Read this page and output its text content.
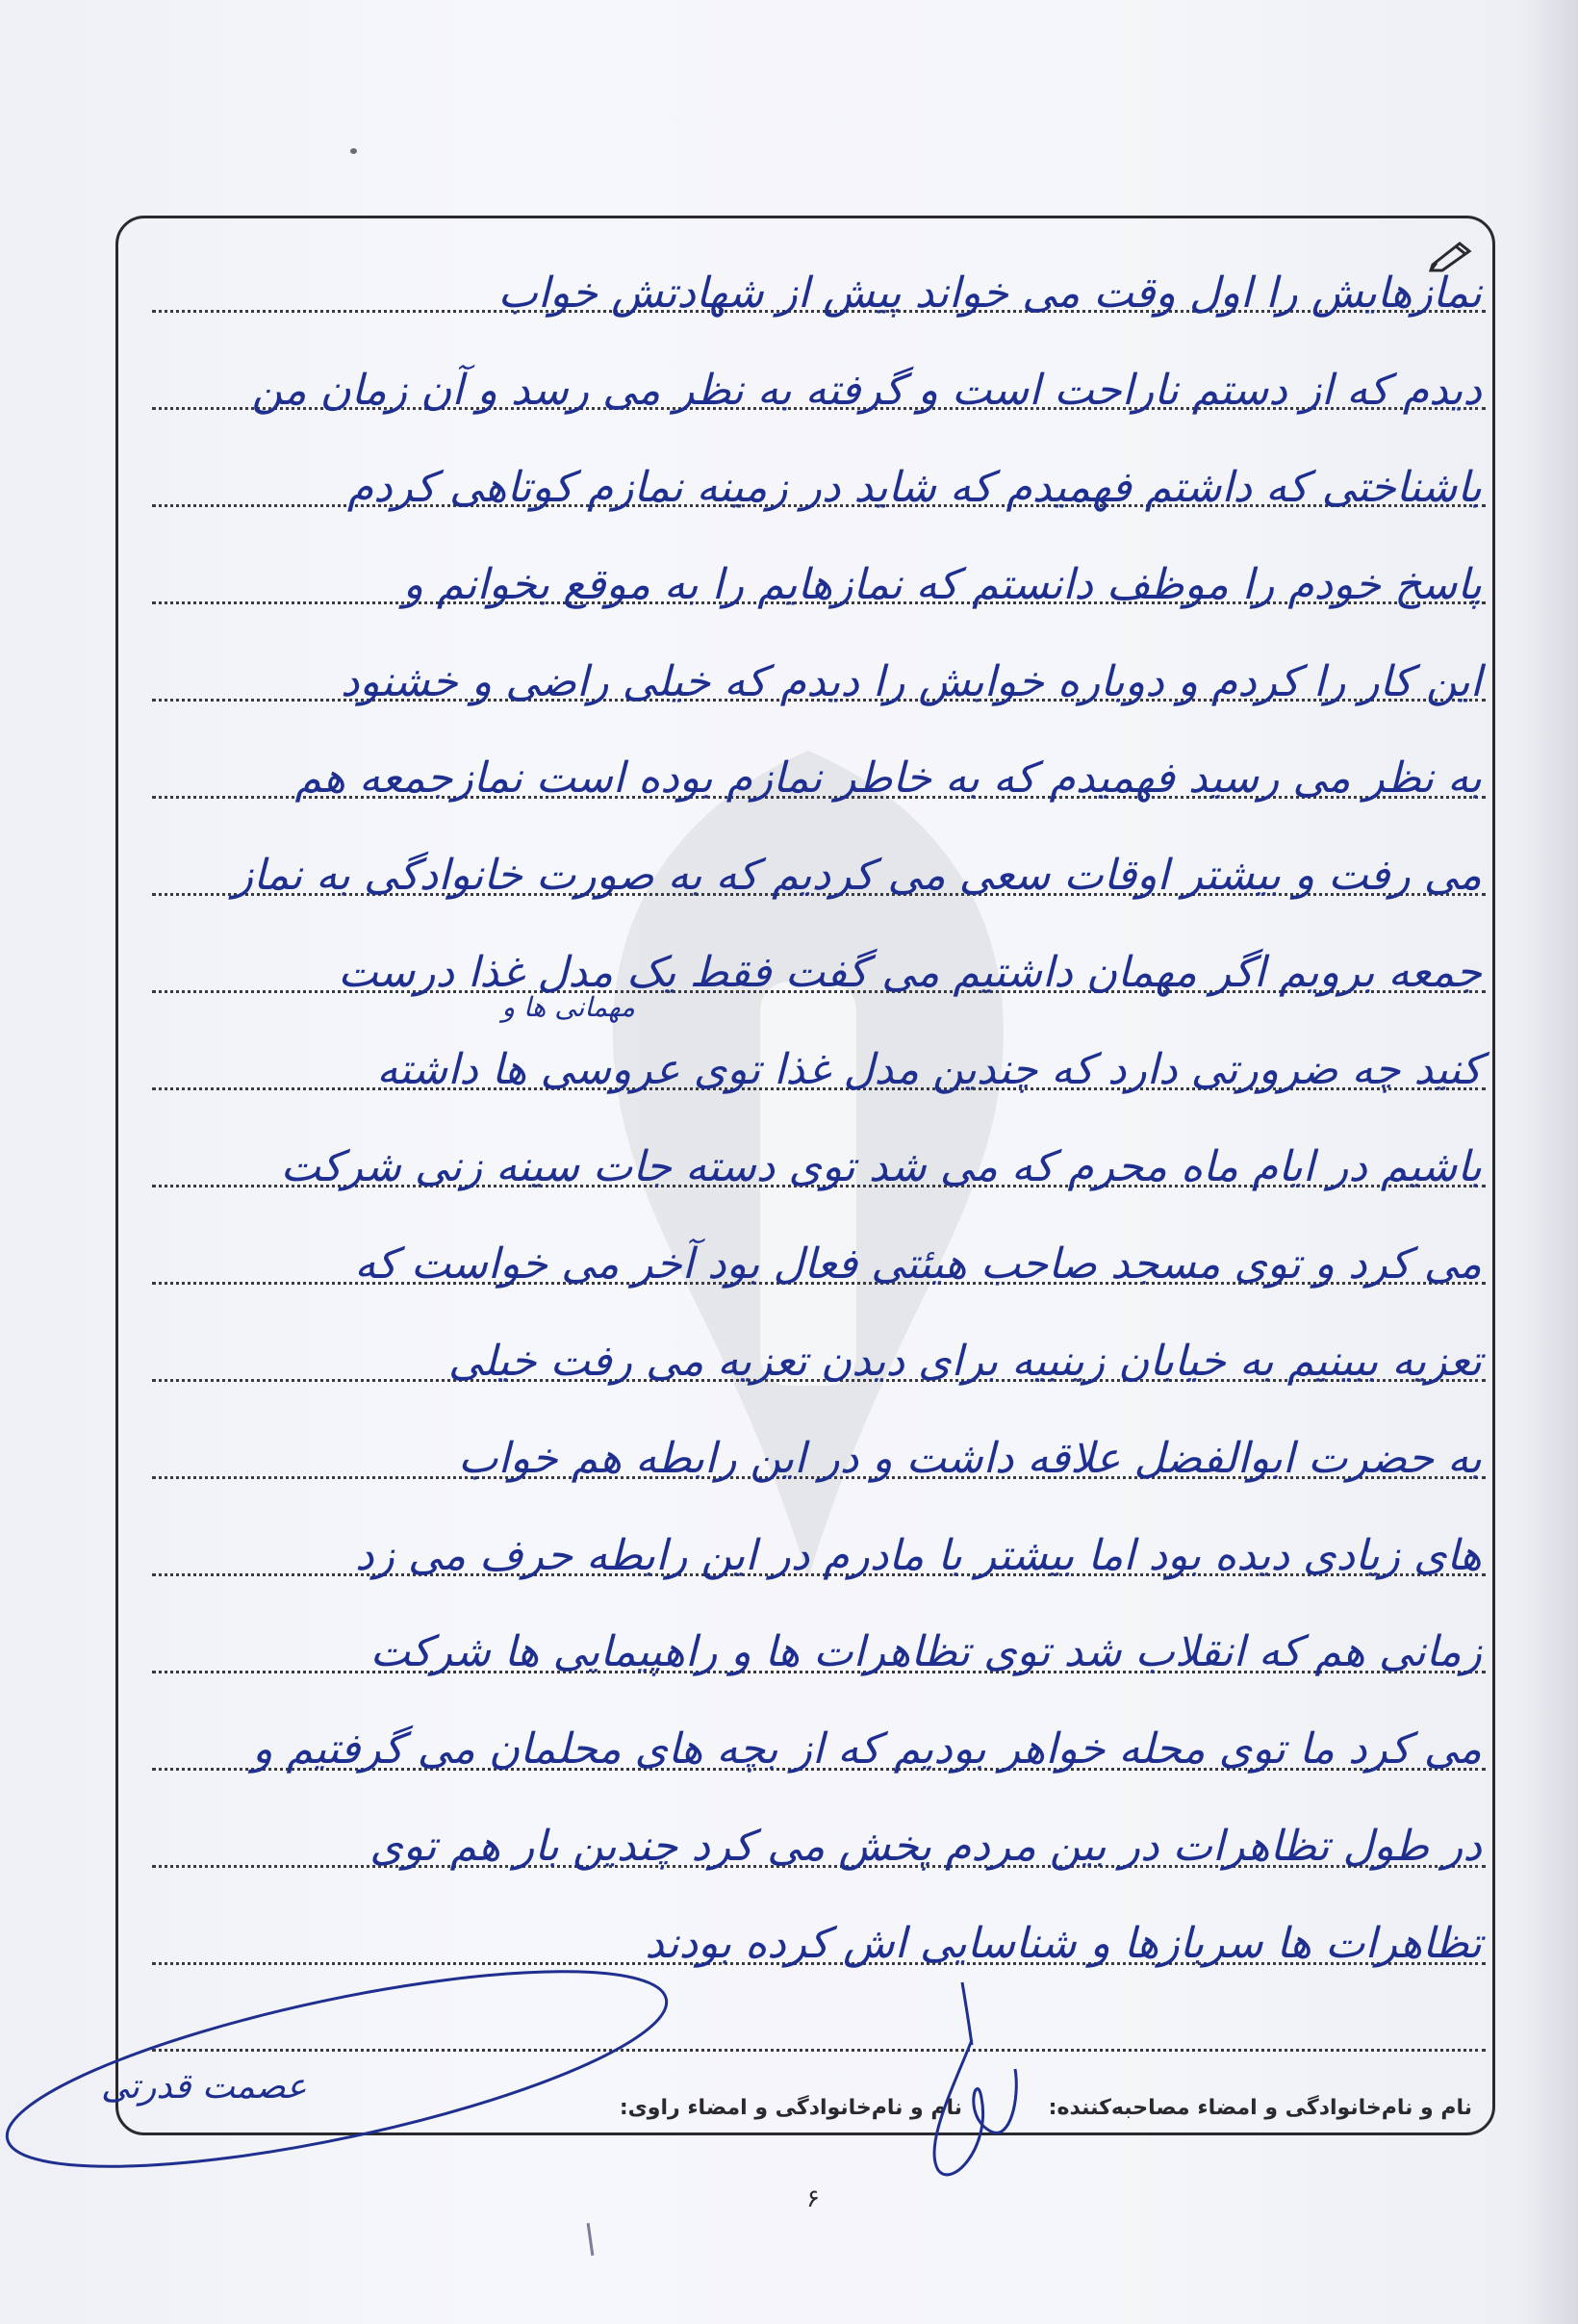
نمازهایش را اول وقت می خواند پیش از شهادتش خواب
دیدم که از دستم ناراحت است و گرفته به نظر می رسد و آن زمان من
باشناختی که داشتم فهمیدم که شاید در زمینه نمازم کوتاهی کردم
پاسخ خودم را موظف دانستم که نمازهایم را به موقع بخوانم و
این کار را کردم و دوباره خوابش را دیدم که خیلی راضی و خشنود
به نظر می رسید فهمیدم که به خاطر نمازم بوده است نمازجمعه هم
می رفت و بیشتر اوقات سعی می کردیم که به صورت خانوادگی به نماز
جمعه برویم اگر مهمان داشتیم می گفت فقط یک مدل غذا درست
مهمانی ها و
کنید چه ضرورتی دارد که چندین مدل غذا توی عروسی ها داشته
باشیم در ایام ماه محرم که می شد توی دسته جات سینه زنی شرکت
می کرد و توی مسجد صاحب هیئتی فعال بود آخر می خواست که
تعزیه ببینیم به خیابان زینبیه برای دیدن تعزیه می رفت خیلی
به حضرت ابوالفضل علاقه داشت و در این رابطه هم خواب
های زیادی دیده بود اما بیشتر با مادرم در این رابطه حرف می زد
زمانی هم که انقلاب شد توی تظاهرات ها و راهپیمایی ها شرکت
می کرد ما توی محله خواهر بودیم که از بچه های محلمان می گرفتیم و
در طول تظاهرات در بین مردم پخش می کرد چندین بار هم توی
تظاهرات ها سربازها و شناسایی اش کرده بودند
نام و نام‌خانوادگی و امضاء مصاحبه‌کننده:
نام و نام‌خانوادگی و امضاء راوی:
عصمت قدرتی
۶
